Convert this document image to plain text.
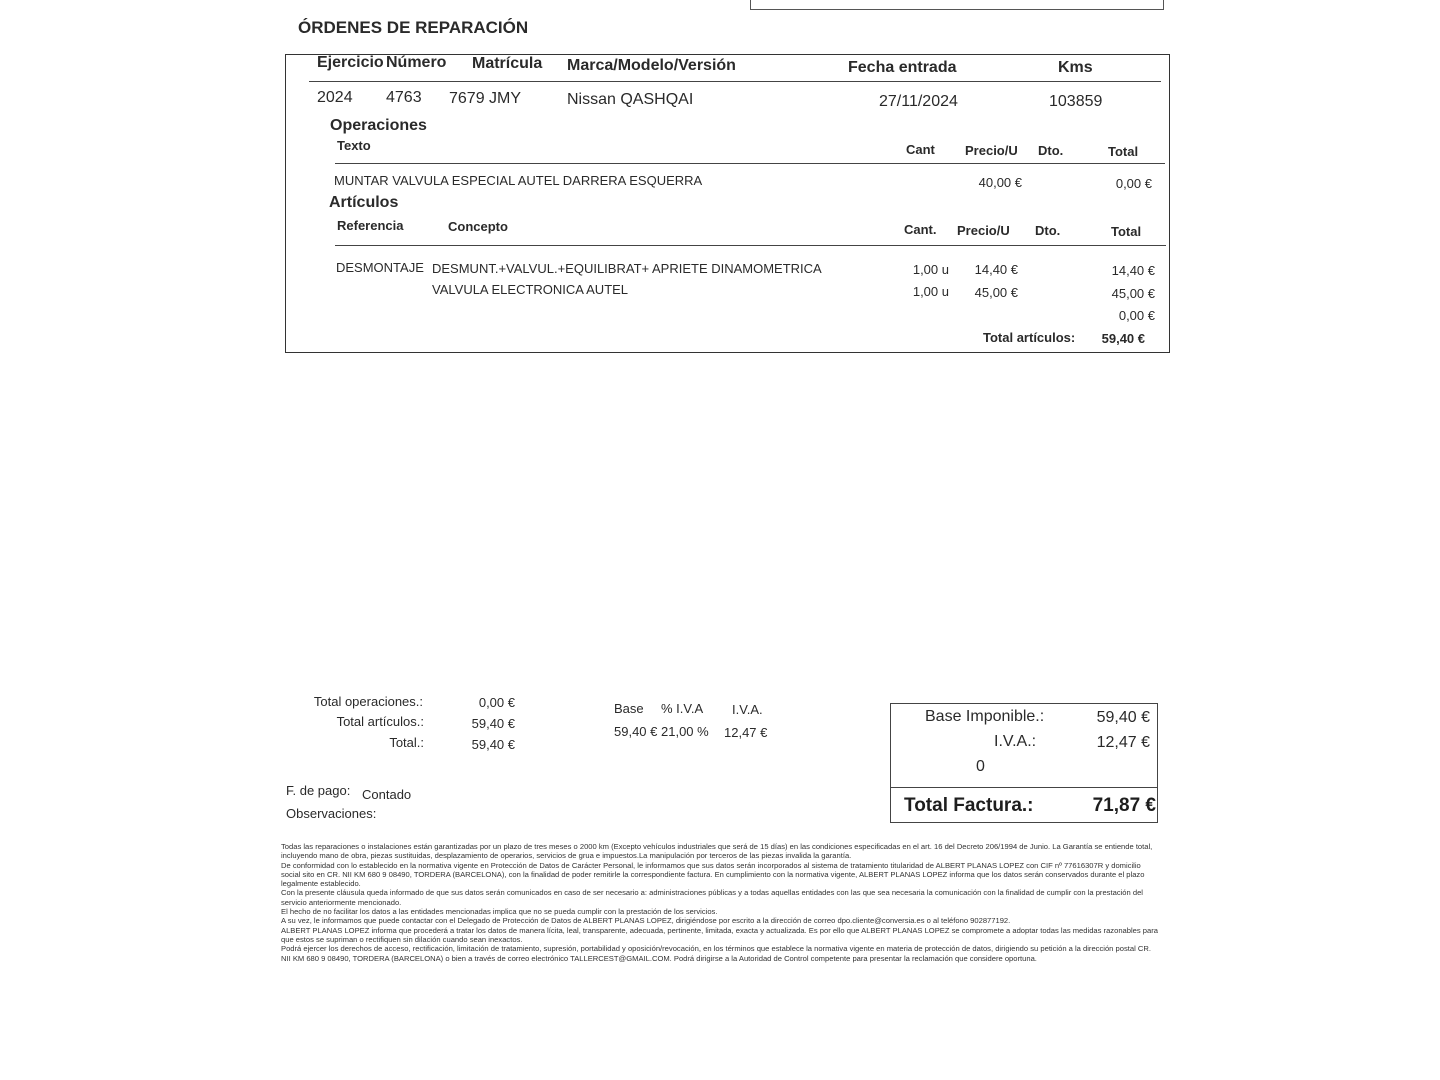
ÓRDENES DE REPARACIÓN
Ejercicio Número Matrícula Marca/Modelo/Versión	Fecha entrada	Kms
2024 4763 7679 JMY	Nissan QASHQAI	27/11/2024	103859
Operaciones
Texto	Cant Precio/U Dto.	Total
MUNTAR VALVULA ESPECIAL AUTEL DARRERA ESQUERRA	40,00 €	0,00 €
Artículos
Referencia	Concepto	Cant. Precio/U Dto.	Total
DESMONTAJE DESMUNT.+VALVUL.+EQUILIBRAT+ APRIETE DINAMOMETRICA	1,00 u	14,40 €	14,40 €
VALVULA ELECTRONICA AUTEL	1,00 u	45,00 €	45,00 €
0,00 €
Total artículos:	59,40 €
Total operaciones.:	0,00 €
Total artículos.:	59,40 €
Total.:	59,40 €
Base % I.V.A I.V.A.
59,40 € 21,00 % 12,47 €
Base Imponible.:	59,40 €
I.V.A.:	12,47 €
0
Total Factura.:	71,87 €
F. de pago: Contado
Observaciones:

Todas las reparaciones o instalaciones están garantizadas por un plazo de tres meses o 2000 km (Excepto vehículos industriales que será de 15 días) en las condiciones especificadas en el art. 16 del Decreto 206/1994 de Junio. La Garantía se entiende total, incluyendo mano de obra, piezas sustituidas, desplazamiento de operarios, servicios de grua e impuestos.La manipulación por terceros de las piezas invalida la garantía.

De conformidad con lo establecido en la normativa vigente en Protección de Datos de Carácter Personal, le informamos que sus datos serán incorporados al sistema de tratamiento titularidad de ALBERT PLANAS LOPEZ con CIF nº 77616307R y domicilio social sito en CR. NII KM 680 9 08490, TORDERA (BARCELONA), con la finalidad de poder remitirle la correspondiente factura. En cumplimiento con la normativa vigente, ALBERT PLANAS LOPEZ informa que los datos serán conservados durante el plazo legalmente establecido.

Con la presente cláusula queda informado de que sus datos serán comunicados en caso de ser necesario a: administraciones públicas y a todas aquellas entidades con las que sea necesaria la comunicación con la finalidad de cumplir con la prestación del servicio anteriormente mencionado.

El hecho de no facilitar los datos a las entidades mencionadas implica que no se pueda cumplir con la prestación de los servicios.

A su vez, le informamos que puede contactar con el Delegado de Protección de Datos de ALBERT PLANAS LOPEZ, dirigiéndose por escrito a la dirección de correo dpo.cliente@conversia.es o al teléfono 902877192.

ALBERT PLANAS LOPEZ informa que procederá a tratar los datos de manera lícita, leal, transparente, adecuada, pertinente, limitada, exacta y actualizada. Es por ello que ALBERT PLANAS LOPEZ se compromete a adoptar todas las medidas razonables para que estos se supriman o rectifiquen sin dilación cuando sean inexactos.

Podrá ejercer los derechos de acceso, rectificación, limitación de tratamiento, supresión, portabilidad y oposición/revocación, en los términos que establece la normativa vigente en materia de protección de datos, dirigiendo su petición a la dirección postal CR. NII KM 680 9 08490, TORDERA (BARCELONA) o bien a través de correo electrónico TALLERCEST@GMAIL.COM. Podrá dirigirse a la Autoridad de Control competente para presentar la reclamación que considere oportuna.
